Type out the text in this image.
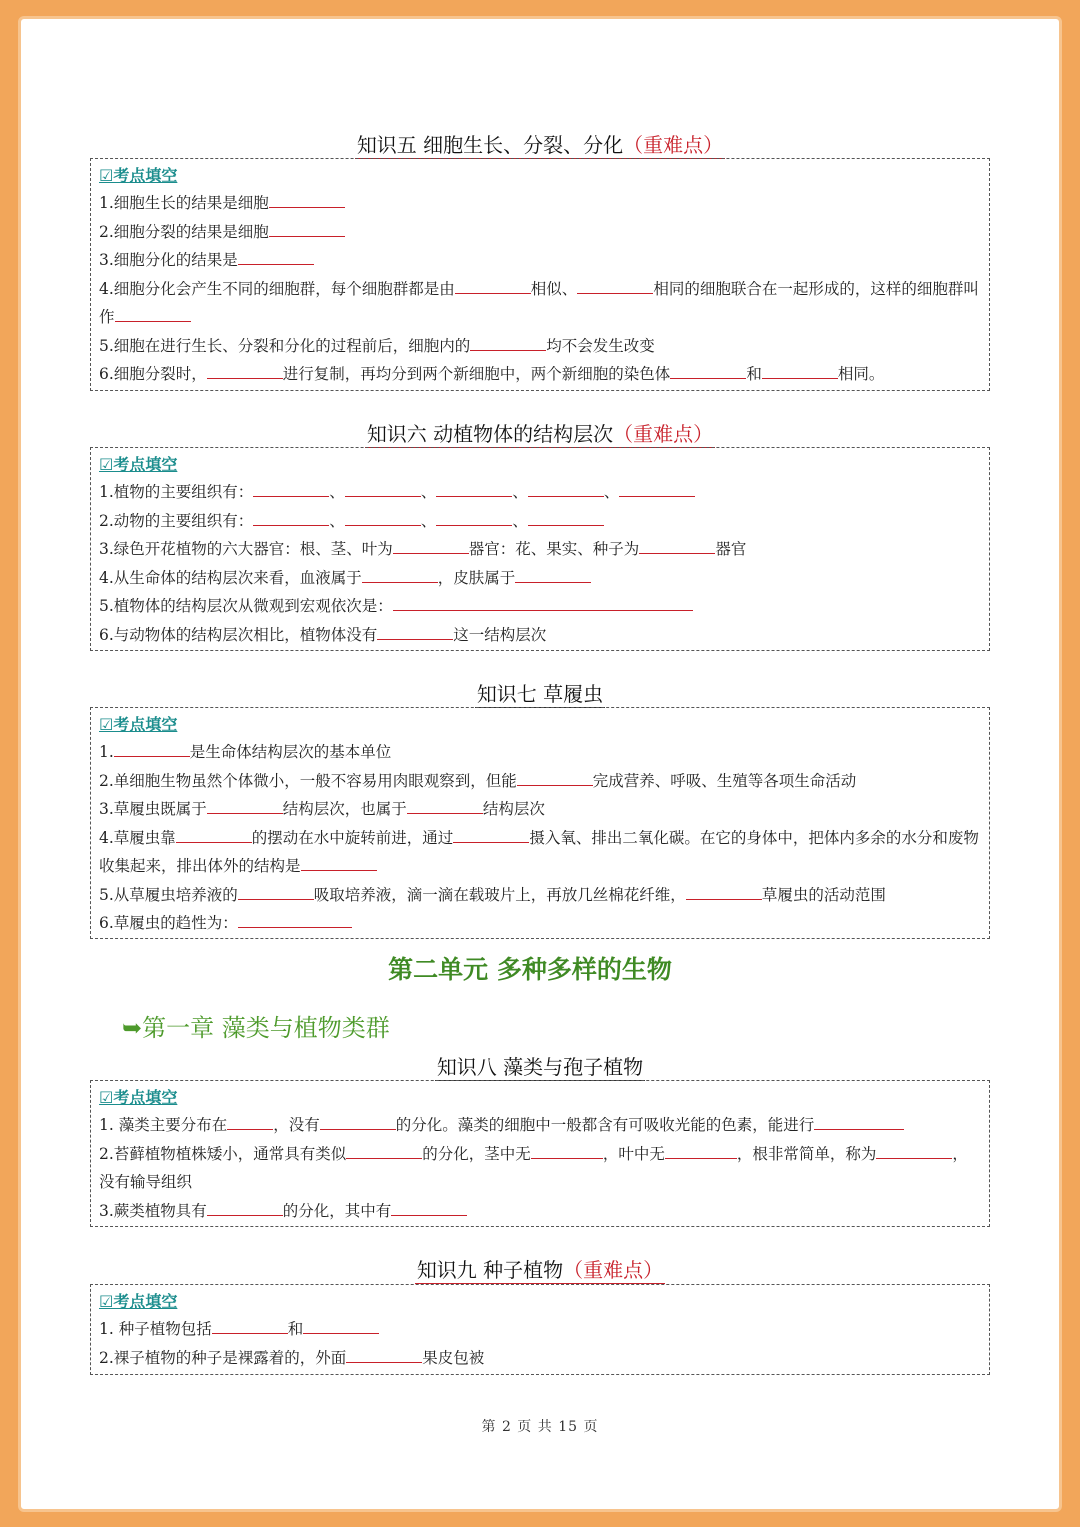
知识五 细胞生长、分裂、分化（重难点）
☑考点填空
1.细胞生长的结果是细胞
2.细胞分裂的结果是细胞
3.细胞分化的结果是
4.细胞分化会产生不同的细胞群，每个细胞群都是由	相似、	相同的细胞联合在一起形成的，这样的细胞群叫作
5.细胞在进行生长、分裂和分化的过程前后，细胞内的	均不会发生改变
6.细胞分裂时，	进行复制，再均分到两个新细胞中，两个新细胞的染色体	和	相同。
知识六 动植物体的结构层次（重难点）
☑考点填空
1.植物的主要组织有：	、	、	、	、
2.动物的主要组织有：	、	、	、
3.绿色开花植物的六大器官：根、茎、叶为	器官：花、果实、种子为	器官
4.从生命体的结构层次来看，血液属于	，皮肤属于
5.植物体的结构层次从微观到宏观依次是：
6.与动物体的结构层次相比，植物体没有	这一结构层次
知识七 草履虫
☑考点填空
1.	是生命体结构层次的基本单位
2.单细胞生物虽然个体微小，一般不容易用肉眼观察到，但能	完成营养、呼吸、生殖等各项生命活动
3.草履虫既属于	结构层次，也属于	结构层次
4.草履虫靠	的摆动在水中旋转前进，通过	摄入氧、排出二氧化碳。在它的身体中，把体内多余的水分和废物收集起来，排出体外的结构是
5.从草履虫培养液的	吸取培养液，滴一滴在载玻片上，再放几丝棉花纤维，	草履虫的活动范围
6.草履虫的趋性为：
第二单元 多种多样的生物
➥第一章 藻类与植物类群
知识八 藻类与孢子植物
☑考点填空
1. 藻类主要分布在	，没有	的分化。藻类的细胞中一般都含有可吸收光能的色素，能进行
2.苔藓植物植株矮小，通常具有类似	的分化，茎中无	，叶中无	，根非常简单，称为	，没有输导组织
3.蕨类植物具有	的分化，其中有
知识九 种子植物（重难点）
☑考点填空
1. 种子植物包括	和
2.裸子植物的种子是裸露着的，外面	果皮包被
第 2 页 共 15 页
